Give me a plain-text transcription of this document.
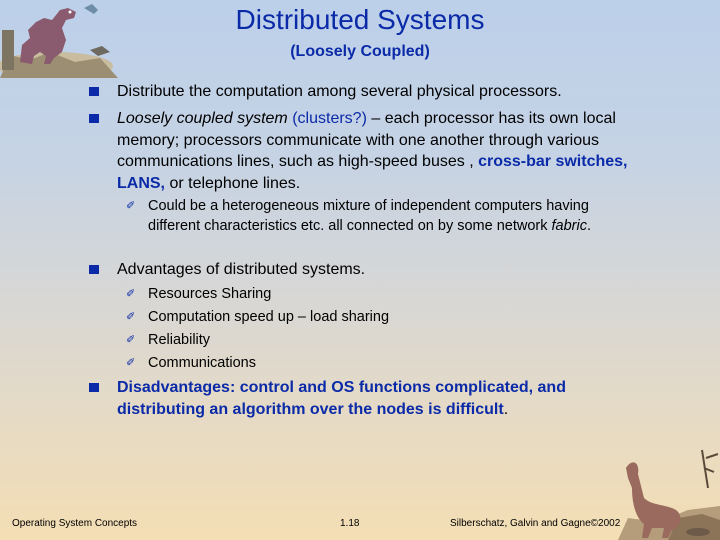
Distributed Systems
(Loosely Coupled)
Distribute the computation among several physical processors.
Loosely coupled system (clusters?) – each processor has its own local memory; processors communicate with one another through various communications lines, such as high-speed buses , cross-bar switches, LANS, or telephone lines.
✐ Could be a heterogeneous mixture of independent computers having different characteristics etc. all connected on by some network fabric.
Advantages of distributed systems.
✐ Resources Sharing
✐ Computation speed up – load sharing
✐ Reliability
✐ Communications
Disadvantages: control and OS functions complicated, and distributing an algorithm over the nodes is difficult.
Operating System Concepts	1.18	Silberschatz, Galvin and Gagne©2002
